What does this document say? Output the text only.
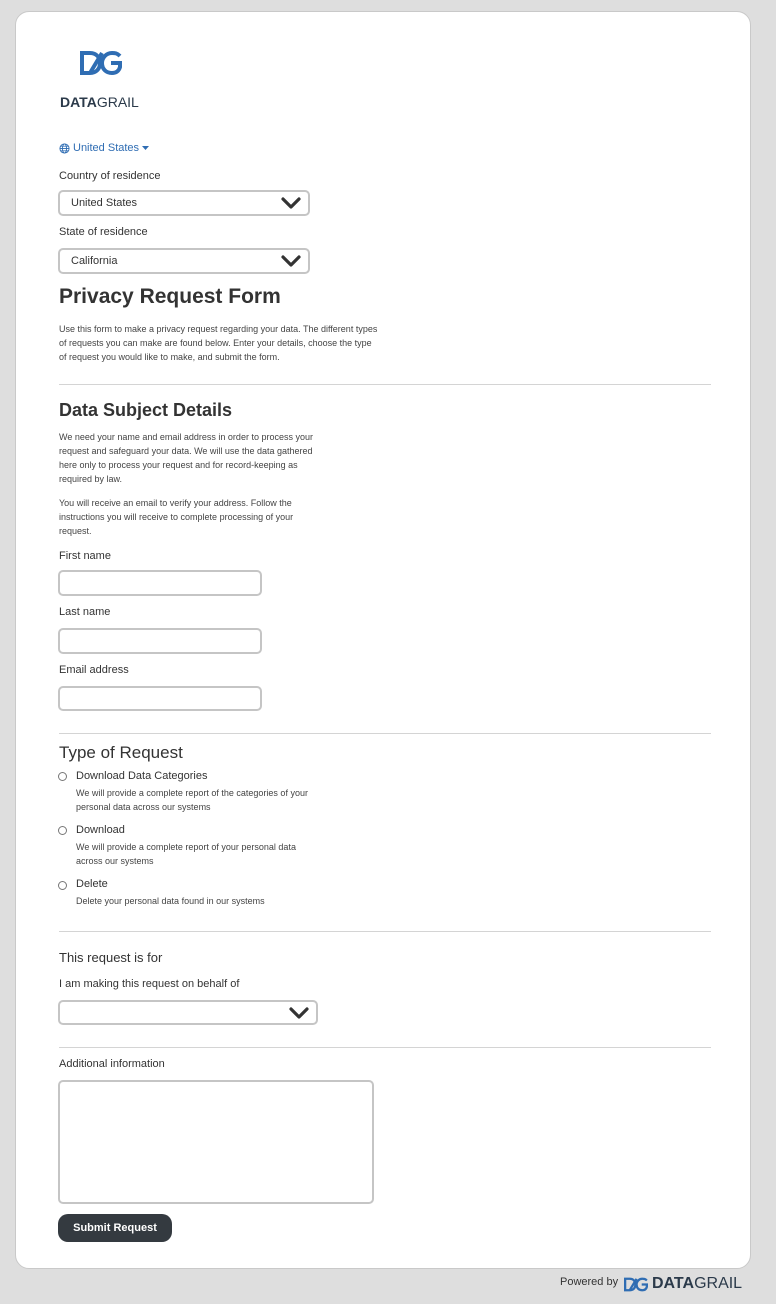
DATAGRAIL
United States
Country of residence
United States
State of residence
California
Privacy Request Form

Use this form to make a privacy request regarding your data. The different types of requests you can make are found below. Enter your details, choose the type of request you would like to make, and submit the form.

Data Subject Details

We need your name and email address in order to process your request and safeguard your data. We will use the data gathered here only to process your request and for record-keeping as required by law.

You will receive an email to verify your address. Follow the instructions you will receive to complete processing of your request.

First name
Last name
Email address
Type of Request
Download Data Categories

We will provide a complete report of the categories of your personal data across our systems

Download

We will provide a complete report of your personal data across our systems

Delete

Delete your personal data found in our systems

This request is for
I am making this request on behalf of
Additional information
Submit Request
Powered by DATAGRAIL
